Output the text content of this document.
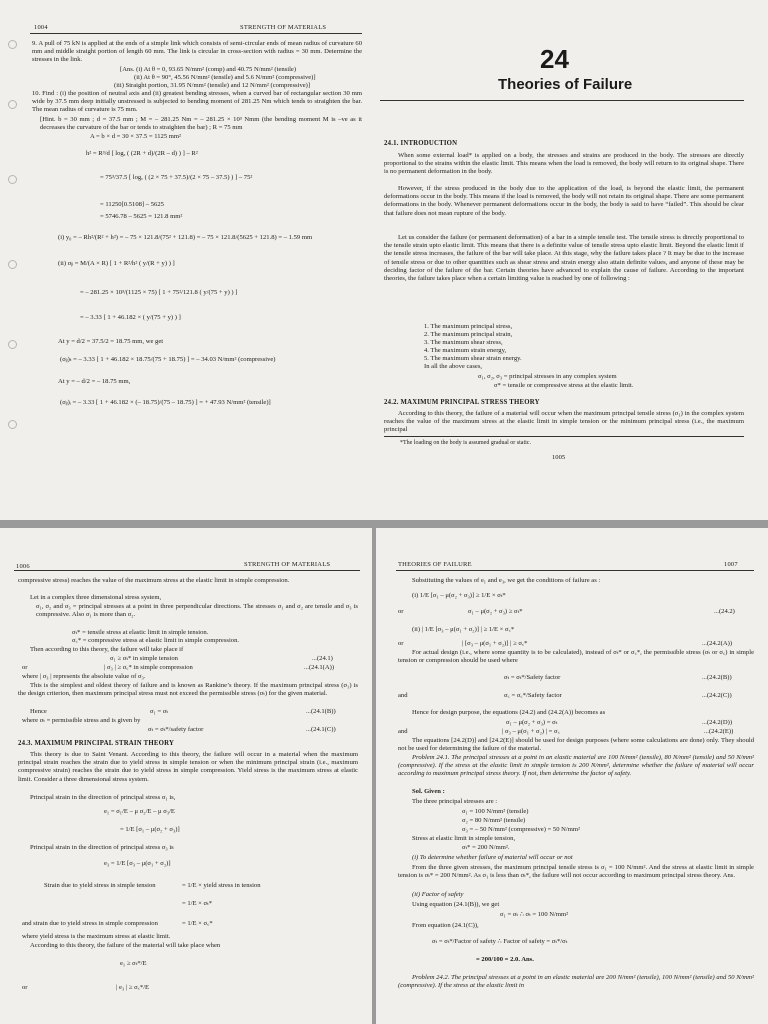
1004	STRENGTH OF MATERIALS
9. A pull of 75 kN is applied at the ends of a simple link which consists of semi-circular ends of mean radius of curvature 60 mm and middle straight portion of length 60 mm. The link is circular in cross-section with radius = 30 mm. Determine the stresses in the link.
[Ans. (i) At θ = 0, 93.65 N/mm² (comp) and 40.75 N/mm² (tensile)
(ii) At θ = 90°, 45.56 N/mm² (tensile) and 5.6 N/mm² (compressive)]
(iii) Straight portion, 31.95 N/mm² (tensile) and 12 N/mm² (compressive)]
10. Find : (i) the position of neutral axis and (ii) greatest bending stresses, when a curved bar of rectangular section 30 mm wide by 37.5 mm deep initially unstressed is subjected to bending moment of 281.25 Nm which tends to straighten the bar. The mean radius of curvature is 75 mm.
[Hint. b = 30 mm ; d = 37.5 mm ; M = – 281.25 Nm = – 281.25 × 10³ Nmm (the bending moment M is –ve as it decreases the curvature of the bar or tends to straighten the bar) ; R = 75 mm
A = b × d = 30 × 37.5 = 1125 mm²
h² = R³/d [ logₑ ( (2R + d)/(2R – d) ) ] – R²
= 75³/37.5 [ logₑ ( (2 × 75 + 37.5)/(2 × 75 – 37.5) ) ] – 75²
= 11250[0.5108] – 5625
= 5746.78 – 5625 = 121.8 mm²
(i) y₀ = – Rh²/(R² + h²) = – 75 × 121.8/(75² + 121.8) = – 75 × 121.8/(5625 + 121.8) = – 1.59 mm
(ii) σᵦ = M/(A × R) [ 1 + R²/h² ( y/(R + y) ) ]
= – 281.25 × 10³/(1125 × 75) [ 1 + 75²/121.8 ( y/(75 + y) ) ]
= – 3.33 [ 1 + 46.182 × ( y/(75 + y) ) ]
At y = d/2 = 37.5/2 = 18.75 mm, we get
(σᵦ)ₜ = – 3.33 [ 1 + 46.182 × 18.75/(75 + 18.75) ] = – 34.03 N/mm² (compressive)
At y = – d/2 = – 18.75 mm,
(σᵦ)ᵢ = – 3.33 [ 1 + 46.182 × (– 18.75)/(75 – 18.75) ] = + 47.93 N/mm² (tensile)]
24
Theories of Failure
24.1. INTRODUCTION
When some external load* is applied on a body, the stresses and strains are produced in the body. The stresses are directly proportional to the strains within the elastic limit. This means when the load is removed, the body will return to its original shape. There is no permanent deformation in the body.
However, if the stress produced in the body due to the application of the load, is beyond the elastic limit, the permanent deformations occur in the body. This means if the load is removed, the body will not retain its original shape. There are some permanent deformations in the body. Whenever permanent deformations occur in the body, the body is said to have “failed”. This should be clear that failure does not mean rupture of the body.
Let us consider the failure (or permanent deformation) of a bar in a simple tensile test. The tensile stress is directly proportional to the tensile strain upto elastic limit. This means that there is a definite value of tensile stress upto elastic limit. Beyond the elastic limit if the tensile stress increases, the failure of the bar will take place. At this stage, why the failure takes place ? It may be due to the increase of tensile stress or due to other quantities such as shear stress and strain energy also attain definite values, and anyone of these may be deciding factor of the failure of the bar. Certain theories have advanced to explain the cause of failure. According to the important theories, the failure takes place when a certain limiting value is reached by one of following :
1. The maximum principal stress,
2. The maximum principal strain,
3. The maximum shear stress,
4. The maximum strain energy,
5. The maximum shear strain energy.
In all the above cases,
σ₁, σ₂, σ₃ = principal stresses in any complex system
σ* = tensile or compressive stress at the elastic limit.
24.2. MAXIMUM PRINCIPAL STRESS THEORY
According to this theory, the failure of a material will occur when the maximum principal tensile stress (σ₁) in the complex system reaches the value of the maximum stress at the elastic limit in simple tension or the minimum principal stress (i.e., the maximum principal
*The loading on the body is assumed gradual or static.
1005
1006	STRENGTH OF MATERIALS
compressive stress) reaches the value of the maximum stress at the elastic limit in simple compression.
Let in a complex three dimensional stress system,
σ₁, σ₂ and σ₃ = principal stresses at a point in three perpendicular directions. The stresses σ₁ and σ₂ are tensile and σ₃ is compressive. Also σ₁ is more than σ₂.
σₜ* = tensile stress at elastic limit in simple tension.
σ꜀* = compressive stress at elastic limit in simple compression.
Then according to this theory, the failure will take place if
σ₁ ≥ σₜ* in simple tension	...(24.1)
or	| σ₃ | ≥ σ꜀* in simple compression	...(24.1(A))
where | σ₃ | represents the absolute value of σ₃.
This is the simplest and oldest theory of failure and is known as Rankine’s theory. If the maximum principal stress (σ₁) is the design criterion, then maximum principal stress must not exceed the permissible stress (σₜ) for the given material.
Hence	σ₁ = σₜ	...(24.1(B))
where σₜ = permissible stress and is given by
σₜ = σₜ*/safety factor	...(24.1(C))
24.3. MAXIMUM PRINCIPAL STRAIN THEORY
This theory is due to Saint Venant. According to this theory, the failure will occur in a material when the maximum principal strain reaches the strain due to yield stress in simple tension or when the minimum principal strain (i.e., maximum compressive strain) reaches the strain due to yield stress in simple compression. Yield stress is the maximum stress at elastic limit. Consider a three dimensional stress system.
Principal strain in the direction of principal stress σ₁ is,
e₁ = σ₁/E – μ σ₂/E – μ σ₃/E
= 1/E [σ₁ – μ(σ₂ + σ₃)]
Principal strain in the direction of principal stress σ₃ is
e₃ = 1/E [σ₃ – μ(σ₁ + σ₂)]
Strain due to yield stress in simple tension	= 1/E × yield stress in tension
= 1/E × σₜ*
and strain due to yield stress in simple compression	= 1/E × σ꜀*
where yield stress is the maximum stress at elastic limit.
According to this theory, the failure of the material will take place when
e₁ ≥ σₜ*/E
or	| e₃ | ≥ σ꜀*/E
THEORIES OF FAILURE	1007
Substituting the values of e₁ and e₃, we get the conditions of failure as :
(i) 1/E [σ₁ – μ(σ₂ + σ₃)] ≥ 1/E × σₜ*
or	σ₁ – μ(σ₂ + σ₃) ≥ σₜ*	...(24.2)
(ii) | 1/E [σ₃ – μ(σ₁ + σ₂)] | ≥ 1/E × σ꜀*
or	| [σ₃ – μ(σ₁ + σ₂)] | ≥ σ꜀*	...(24.2(A))
For actual design (i.e., where some quantity is to be calculated), instead of σₜ* or σ꜀*, the permissible stress (σₜ or σ꜀) in simple tension or compression should be used where
σₜ = σₜ*/Safety factor	...(24.2(B))
and	σ꜀ = σ꜀*/Safety factor	...(24.2(C))
Hence for design purpose, the equations (24.2) and (24.2(A)) becomes as
σ₁ – μ(σ₂ + σ₃) = σₜ	...(24.2(D))
and	| σ₃ – μ(σ₁ + σ₂) | = σ꜀	...(24.2(E))
The equations [24.2(D)] and [24.2(E)] should be used for design purposes (where some calculations are done) only. They should not be used for determining the failure of the material.
Problem 24.1. The principal stresses at a point in an elastic material are 100 N/mm² (tensile), 80 N/mm² (tensile) and 50 N/mm² (compressive). If the stress at the elastic limit in simple tension is 200 N/mm², determine whether the failure of material will occur according to maximum principal stress theory. If not, then determine the factor of safety.
Sol. Given :
The three principal stresses are :
σ₁ = 100 N/mm² (tensile)
σ₂ = 80 N/mm² (tensile)
σ₃ = – 50 N/mm² (compressive) = 50 N/mm²
Stress at elastic limit in simple tension,
σₜ* = 200 N/mm².
(i) To determine whether failure of material will occur or not
From the three given stresses, the maximum principal tensile stress is σ₁ = 100 N/mm². And the stress at elastic limit in simple tension is σₜ* = 200 N/mm². As σ₁ is less than σₜ*, the failure will not occur according to maximum principal stress theory. Ans.
(ii) Factor of safety
Using equation (24.1(B)), we get
σ₁ = σₜ ∴ σₜ = 100 N/mm²
From equation (24.1(C)),
σₜ = σₜ*/Factor of safety ∴ Factor of safety = σₜ*/σₜ
= 200/100 = 2.0. Ans.
Problem 24.2. The principal stresses at a point in an elastic material are 200 N/mm² (tensile), 100 N/mm² (tensile) and 50 N/mm² (compressive). If the stress at the elastic limit in
